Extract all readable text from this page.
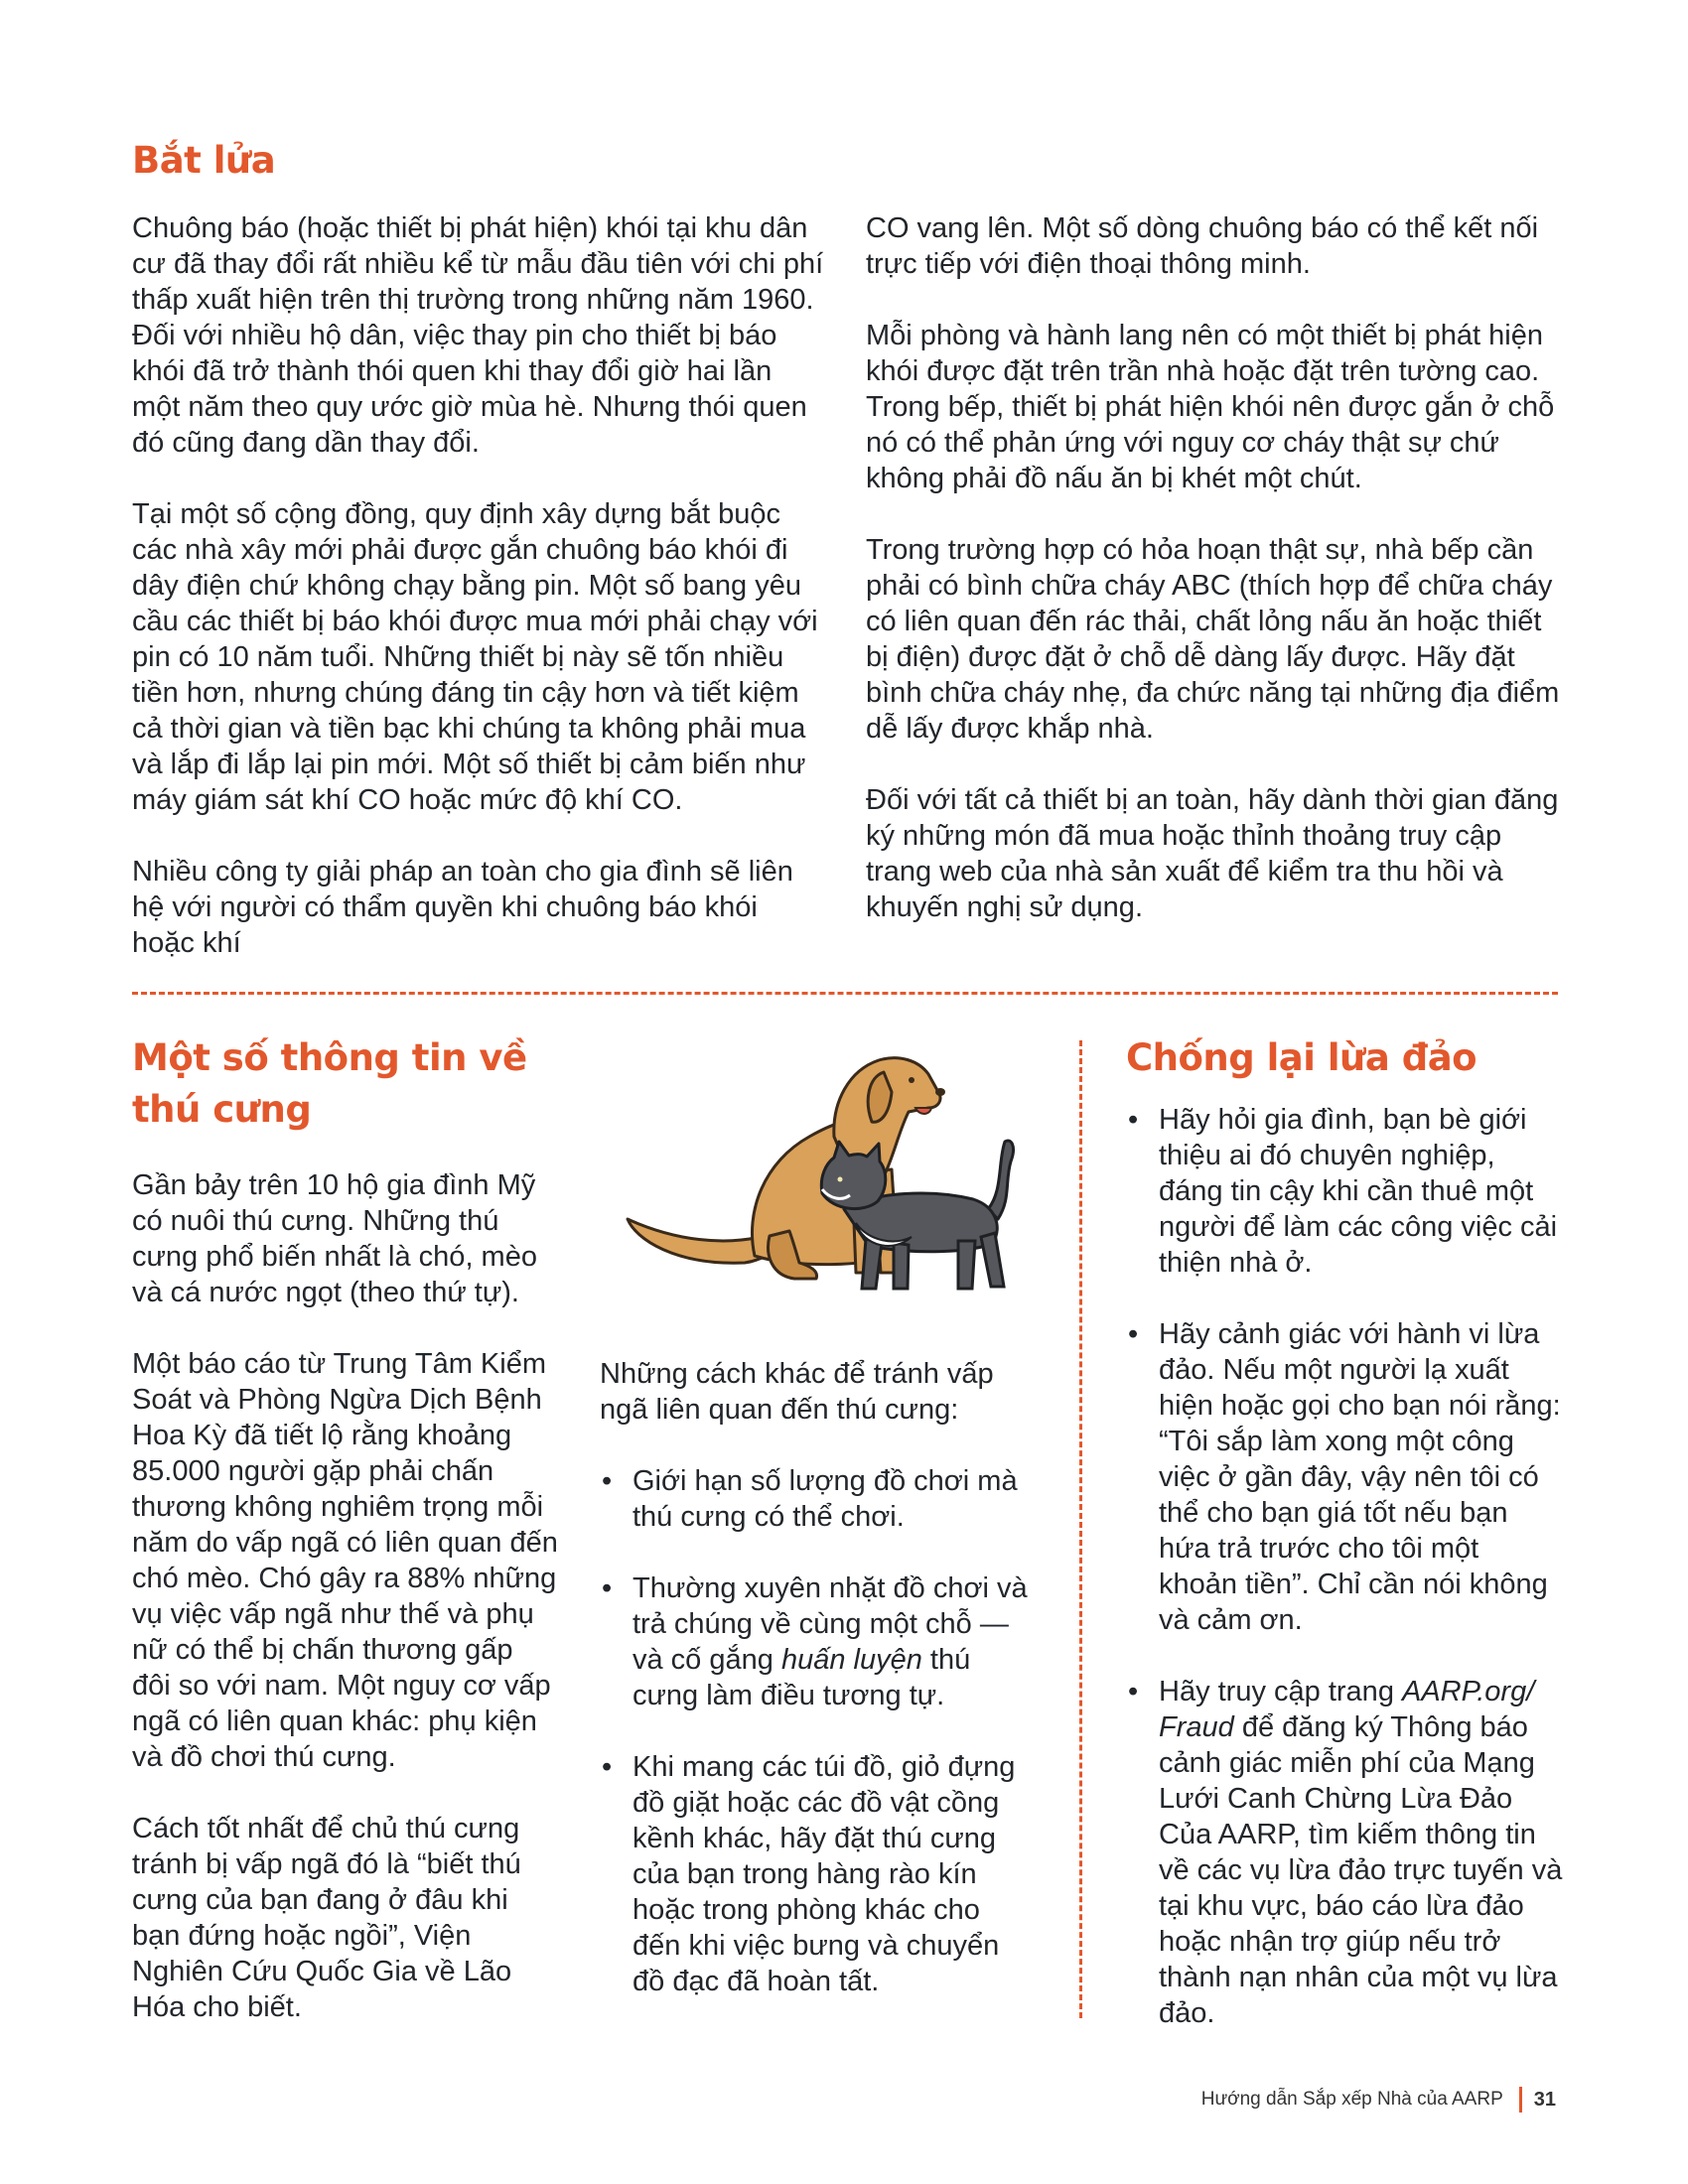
Bắt lửa

Chuông báo (hoặc thiết bị phát hiện) khói tại khu dân cư đã thay đổi rất nhiều kể từ mẫu đầu tiên với chi phí thấp xuất hiện trên thị trường trong những năm 1960. Đối với nhiều hộ dân, việc thay pin cho thiết bị báo khói đã trở thành thói quen khi thay đổi giờ hai lần một năm theo quy ước giờ mùa hè. Nhưng thói quen đó cũng đang dần thay đổi.

Tại một số cộng đồng, quy định xây dựng bắt buộc các nhà xây mới phải được gắn chuông báo khói đi dây điện chứ không chạy bằng pin. Một số bang yêu cầu các thiết bị báo khói được mua mới phải chạy với pin có 10 năm tuổi. Những thiết bị này sẽ tốn nhiều tiền hơn, nhưng chúng đáng tin cậy hơn và tiết kiệm cả thời gian và tiền bạc khi chúng ta không phải mua và lắp đi lắp lại pin mới. Một số thiết bị cảm biến như máy giám sát khí CO hoặc mức độ khí CO.

Nhiều công ty giải pháp an toàn cho gia đình sẽ liên hệ với người có thẩm quyền khi chuông báo khói hoặc khí

CO vang lên. Một số dòng chuông báo có thể kết nối trực tiếp với điện thoại thông minh.

Mỗi phòng và hành lang nên có một thiết bị phát hiện khói được đặt trên trần nhà hoặc đặt trên tường cao. Trong bếp, thiết bị phát hiện khói nên được gắn ở chỗ nó có thể phản ứng với nguy cơ cháy thật sự chứ không phải đồ nấu ăn bị khét một chút.

Trong trường hợp có hỏa hoạn thật sự, nhà bếp cần phải có bình chữa cháy ABC (thích hợp để chữa cháy có liên quan đến rác thải, chất lỏng nấu ăn hoặc thiết bị điện) được đặt ở chỗ dễ dàng lấy được. Hãy đặt bình chữa cháy nhẹ, đa chức năng tại những địa điểm dễ lấy được khắp nhà.

Đối với tất cả thiết bị an toàn, hãy dành thời gian đăng ký những món đã mua hoặc thỉnh thoảng truy cập trang web của nhà sản xuất để kiểm tra thu hồi và khuyến nghị sử dụng.

Một số thông tin về
thú cưng

Gần bảy trên 10 hộ gia đình Mỹ có nuôi thú cưng. Những thú cưng phổ biến nhất là chó, mèo và cá nước ngọt (theo thứ tự).

Một báo cáo từ Trung Tâm Kiểm Soát và Phòng Ngừa Dịch Bệnh Hoa Kỳ đã tiết lộ rằng khoảng 85.000 người gặp phải chấn thương không nghiêm trọng mỗi năm do vấp ngã có liên quan đến chó mèo. Chó gây ra 88% những vụ việc vấp ngã như thế và phụ nữ có thể bị chấn thương gấp đôi so với nam. Một nguy cơ vấp ngã có liên quan khác: phụ kiện và đồ chơi thú cưng.

Cách tốt nhất để chủ thú cưng tránh bị vấp ngã đó là “biết thú cưng của bạn đang ở đâu khi bạn đứng hoặc ngồi”, Viện Nghiên Cứu Quốc Gia về Lão Hóa cho biết.

Những cách khác để tránh vấp ngã liên quan đến thú cưng:

• Giới hạn số lượng đồ chơi mà thú cưng có thể chơi.
• Thường xuyên nhặt đồ chơi và trả chúng về cùng một chỗ — và cố gắng huấn luyện thú cưng làm điều tương tự.
• Khi mang các túi đồ, giỏ đựng đồ giặt hoặc các đồ vật cồng kềnh khác, hãy đặt thú cưng của bạn trong hàng rào kín hoặc trong phòng khác cho đến khi việc bưng và chuyển đồ đạc đã hoàn tất.
Chống lại lừa đảo
• Hãy hỏi gia đình, bạn bè giới thiệu ai đó chuyên nghiệp, đáng tin cậy khi cần thuê một người để làm các công việc cải thiện nhà ở.
• Hãy cảnh giác với hành vi lừa đảo. Nếu một người lạ xuất hiện hoặc gọi cho bạn nói rằng: “Tôi sắp làm xong một công việc ở gần đây, vậy nên tôi có thể cho bạn giá tốt nếu bạn hứa trả trước cho tôi một khoản tiền”. Chỉ cần nói không và cảm ơn.
• Hãy truy cập trang AARP.org/ Fraud để đăng ký Thông báo cảnh giác miễn phí của Mạng Lưới Canh Chừng Lừa Đảo Của AARP, tìm kiếm thông tin về các vụ lừa đảo trực tuyến và tại khu vực, báo cáo lừa đảo hoặc nhận trợ giúp nếu trở thành nạn nhân của một vụ lừa đảo.
Hướng dẫn Sắp xếp Nhà của AARP 31
